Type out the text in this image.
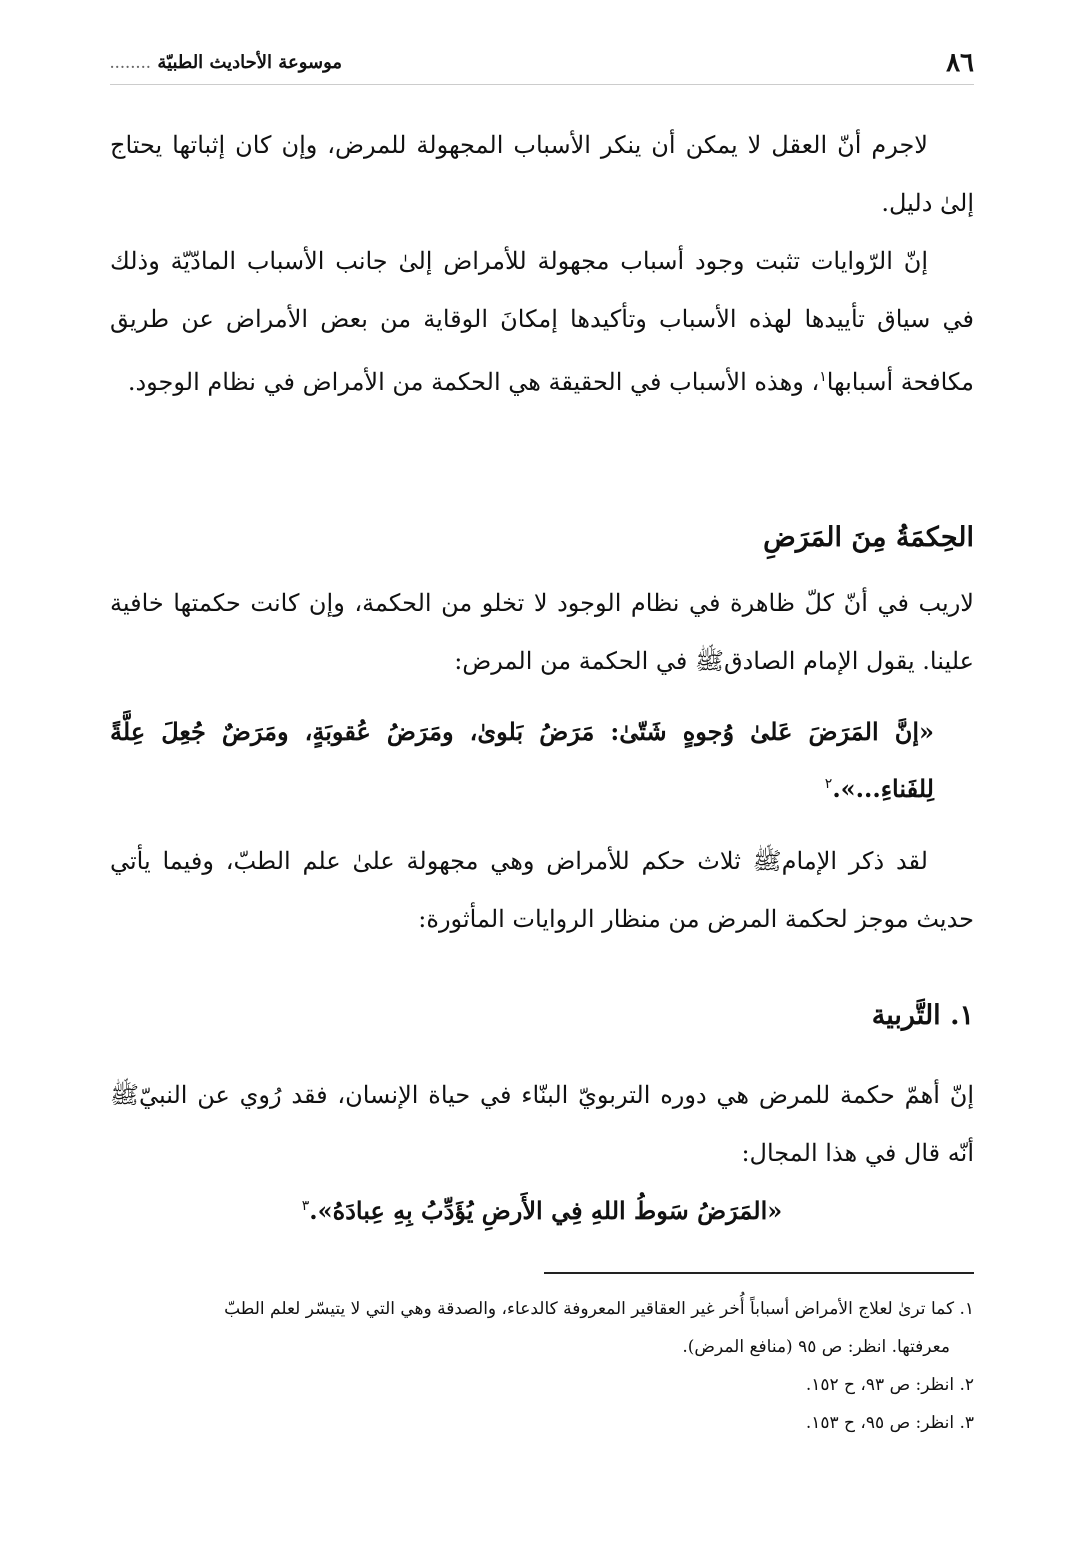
٨٦
موسوعة الأحاديث الطبيّة
........

لاجرم أنّ العقل لا يمكن أن ينكر الأسباب المجهولة للمرض، وإن كان إثباتها يحتاج إلىٰ دليل.

إنّ الرّوايات تثبت وجود أسباب مجهولة للأمراض إلىٰ جانب الأسباب المادّيّة وذلك في سياق تأييدها لهذه الأسباب وتأكيدها إمكانَ الوقاية من بعض الأمراض عن طريق مكافحة أسبابها$^١$، وهذه الأسباب في الحقيقة هي الحكمة من الأمراض في نظام الوجود.

الحِكمَةُ مِنَ المَرَضِ

لاريب في أنّ كلّ ظاهرة في نظام الوجود لا تخلو من الحكمة، وإن كانت حكمتها خافية علينا. يقول الإمام الصادقﷺ في الحكمة من المرض:

«إنَّ المَرَضَ عَلىٰ وُجوهٍ شَتّىٰ: مَرَضُ بَلوىٰ، ومَرَضُ عُقوبَةٍ، ومَرَضٌ جُعِلَ عِلَّةً لِلفَناءِ...».$^٢$

لقد ذكر الإمامﷺ ثلاث حكم للأمراض وهي مجهولة علىٰ علم الطبّ، وفيما يأتي حديث موجز لحكمة المرض من منظار الروايات المأثورة:

١. التَّربية

إنّ أهمّ حكمة للمرض هي دوره التربويّ البنّاء في حياة الإنسان، فقد رُوي عن النبيّﷺ أنّه قال في هذا المجال:

«المَرَضُ سَوطُ اللهِ فِي الأَرضِ يُؤَدِّبُ بِهِ عِبادَهُ».$^٣$

١. كما ترىٰ لعلاج الأمراض أسباباً أُخر غير العقاقير المعروفة كالدعاء، والصدقة وهي التي لا يتيسّر لعلم الطبّ

معرفتها. انظر: ص ٩٥ (منافع المرض).

٢. انظر: ص ٩٣، ح ١٥٢.

٣. انظر: ص ٩٥، ح ١٥٣.
